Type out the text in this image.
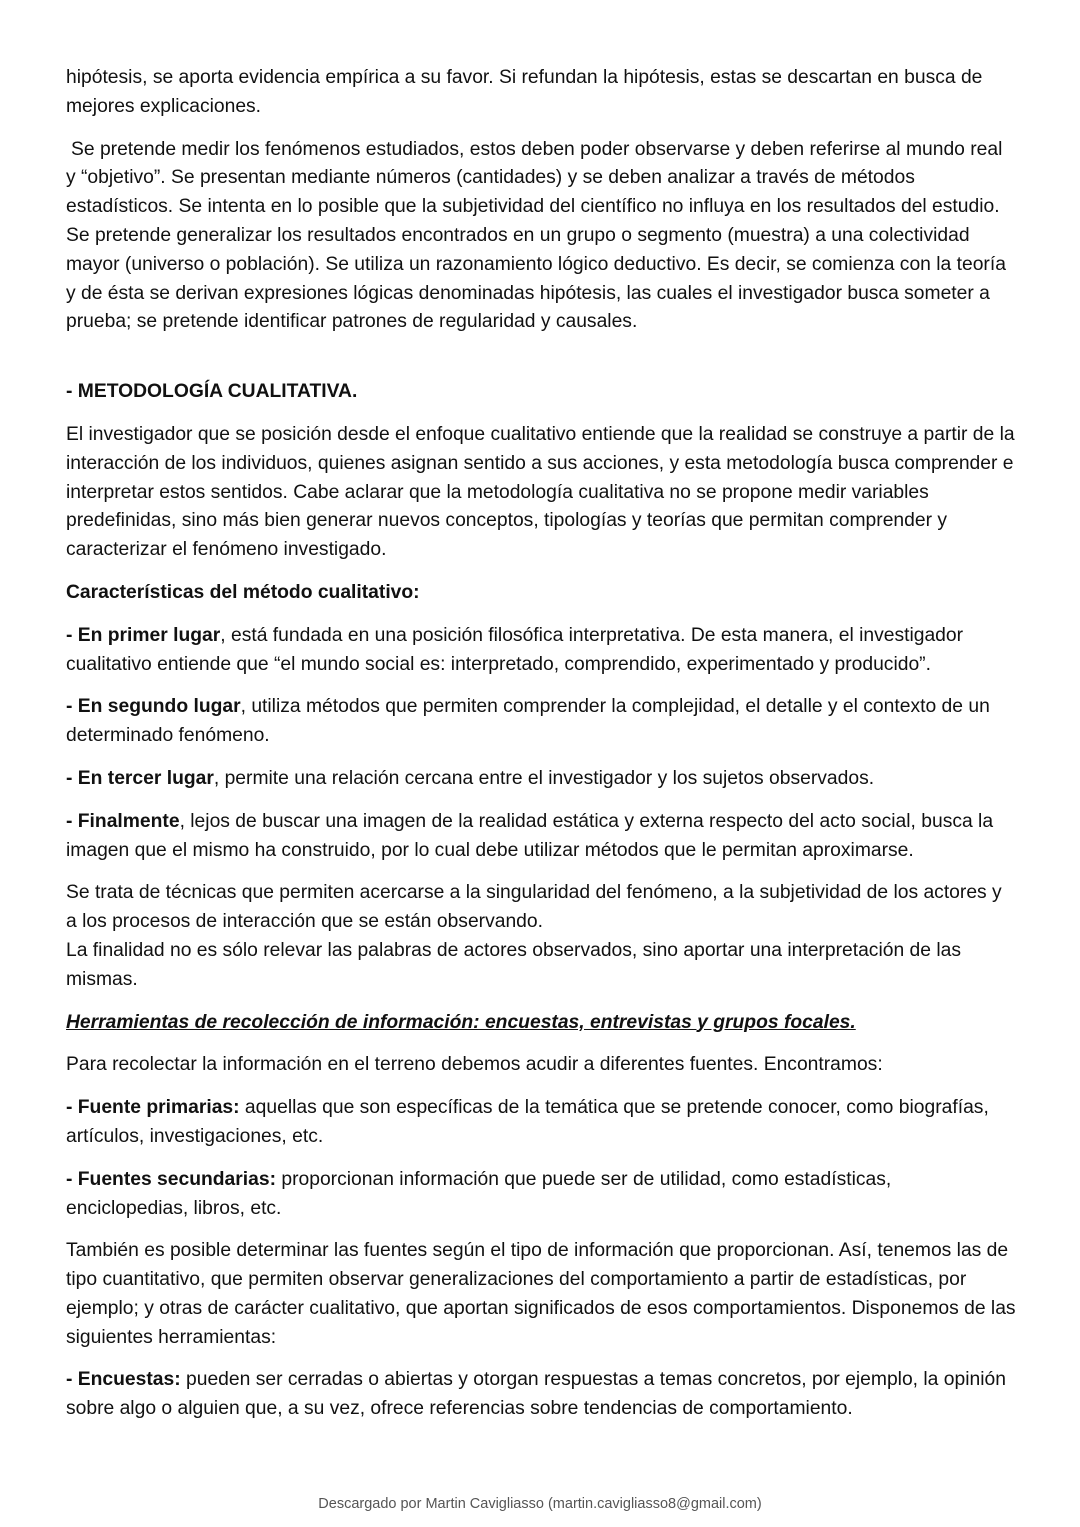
hipótesis, se aporta evidencia empírica a su favor. Si refundan la hipótesis, estas se descartan en busca de mejores explicaciones.

Se pretende medir los fenómenos estudiados, estos deben poder observarse y deben referirse al mundo real y “objetivo”. Se presentan mediante números (cantidades) y se deben analizar a través de métodos estadísticos. Se intenta en lo posible que la subjetividad del científico no influya en los resultados del estudio.

Se pretende generalizar los resultados encontrados en un grupo o segmento (muestra) a una colectividad mayor (universo o población). Se utiliza un razonamiento lógico deductivo. Es decir, se comienza con la teoría y de ésta se derivan expresiones lógicas denominadas hipótesis, las cuales el investigador busca someter a prueba; se pretende identificar patrones de regularidad y causales.

- METODOLOGÍA CUALITATIVA.

El investigador que se posición desde el enfoque cualitativo entiende que la realidad se construye a partir de la interacción de los individuos, quienes asignan sentido a sus acciones, y esta metodología busca comprender e interpretar estos sentidos. Cabe aclarar que la metodología cualitativa no se propone medir variables predefinidas, sino más bien generar nuevos conceptos, tipologías y teorías que permitan comprender y caracterizar el fenómeno investigado.

Características del método cualitativo:

- En primer lugar, está fundada en una posición filosófica interpretativa. De esta manera, el investigador cualitativo entiende que “el mundo social es: interpretado, comprendido, experimentado y producido”.

- En segundo lugar, utiliza métodos que permiten comprender la complejidad, el detalle y el contexto de un determinado fenómeno.

- En tercer lugar, permite una relación cercana entre el investigador y los sujetos observados.

- Finalmente, lejos de buscar una imagen de la realidad estática y externa respecto del acto social, busca la imagen que el mismo ha construido, por lo cual debe utilizar métodos que le permitan aproximarse.

Se trata de técnicas que permiten acercarse a la singularidad del fenómeno, a la subjetividad de los actores y a los procesos de interacción que se están observando.

La finalidad no es sólo relevar las palabras de actores observados, sino aportar una interpretación de las mismas.

Herramientas de recolección de información: encuestas, entrevistas y grupos focales.

Para recolectar la información en el terreno debemos acudir a diferentes fuentes. Encontramos:

- Fuente primarias: aquellas que son específicas de la temática que se pretende conocer, como biografías, artículos, investigaciones, etc.

- Fuentes secundarias: proporcionan información que puede ser de utilidad, como estadísticas, enciclopedias, libros, etc.

También es posible determinar las fuentes según el tipo de información que proporcionan. Así, tenemos las de tipo cuantitativo, que permiten observar generalizaciones del comportamiento a partir de estadísticas, por ejemplo; y otras de carácter cualitativo, que aportan significados de esos comportamientos. Disponemos de las siguientes herramientas:

- Encuestas: pueden ser cerradas o abiertas y otorgan respuestas a temas concretos, por ejemplo, la opinión sobre algo o alguien que, a su vez, ofrece referencias sobre tendencias de comportamiento.

Descargado por Martin Cavigliasso (martin.cavigliasso8@gmail.com)
